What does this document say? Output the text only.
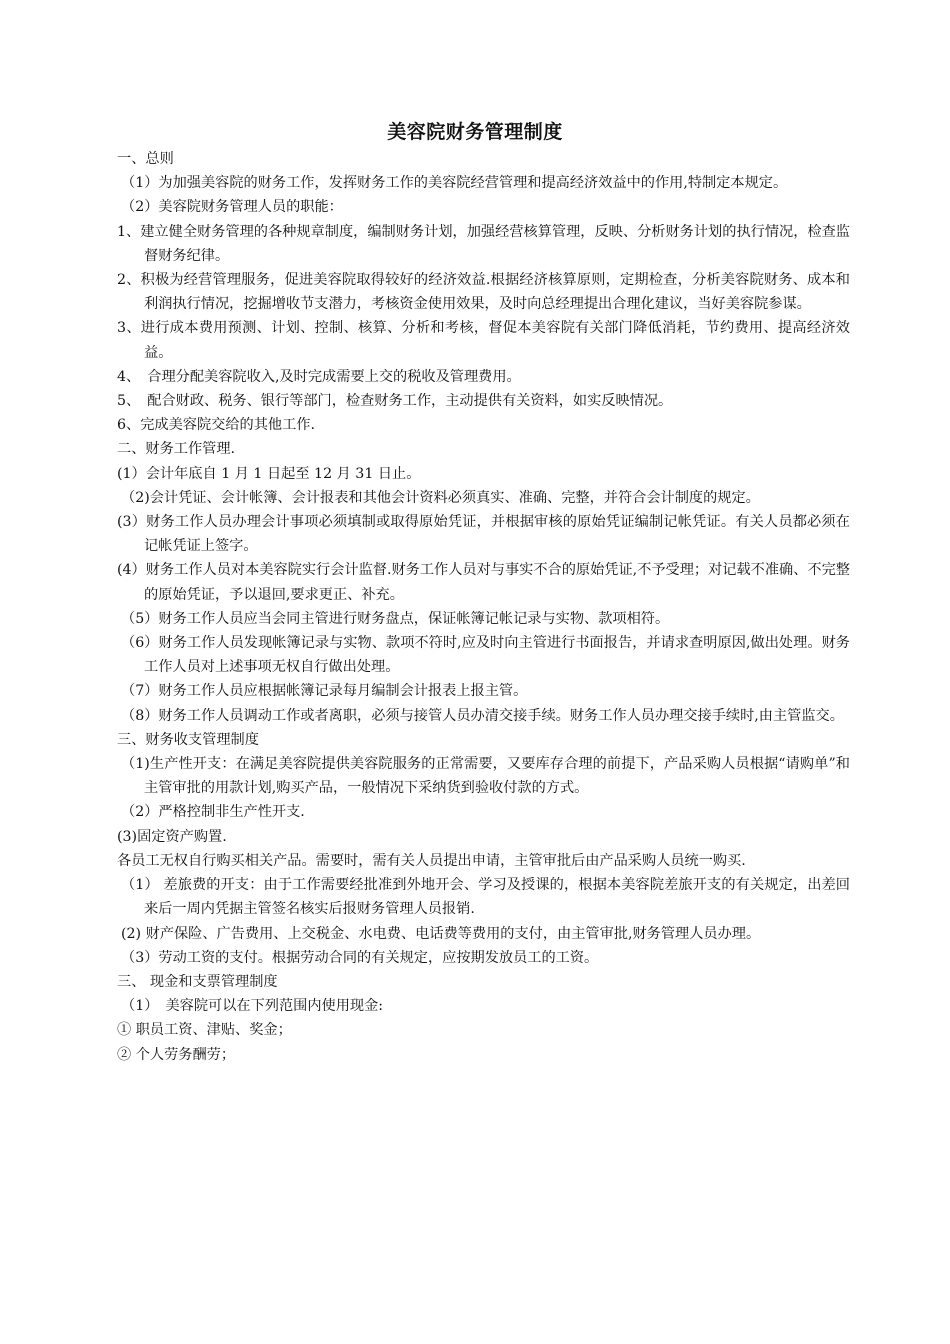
美容院财务管理制度

一、总则

（1）为加强美容院的财务工作，发挥财务工作的美容院经营管理和提高经济效益中的作用,特制定本规定。

（2）美容院财务管理人员的职能：

1、建立健全财务管理的各种规章制度，编制财务计划，加强经营核算管理，反映、分析财务计划的执行情况，检查监督财务纪律。

2、积极为经营管理服务，促进美容院取得较好的经济效益.根据经济核算原则，定期检查，分析美容院财务、成本和利润执行情况，挖掘增收节支潜力，考核资金使用效果，及时向总经理提出合理化建议，当好美容院参谋。

3、进行成本费用预测、计划、控制、核算、分析和考核，督促本美容院有关部门降低消耗，节约费用、提高经济效益。

4、　合理分配美容院收入,及时完成需要上交的税收及管理费用。

5、　配合财政、税务、银行等部门，检查财务工作，主动提供有关资料，如实反映情况。

6、完成美容院交给的其他工作.

二、财务工作管理.

(1）会计年底自 1 月 1 日起至 12 月 31 日止。

（2)会计凭证、会计帐簿、会计报表和其他会计资料必须真实、准确、完整，并符合会计制度的规定。

(3）财务工作人员办理会计事项必须填制或取得原始凭证，并根据审核的原始凭证编制记帐凭证。有关人员都必须在记帐凭证上签字。

(4）财务工作人员对本美容院实行会计监督.财务工作人员对与事实不合的原始凭证,不予受理；对记载不准确、不完整的原始凭证，予以退回,要求更正、补充。

（5）财务工作人员应当会同主管进行财务盘点，保证帐簿记帐记录与实物、款项相符。

（6）财务工作人员发现帐簿记录与实物、款项不符时,应及时向主管进行书面报告，并请求查明原因,做出处理。财务工作人员对上述事项无权自行做出处理。

（7）财务工作人员应根据帐簿记录每月编制会计报表上报主管。

（8）财务工作人员调动工作或者离职，必须与接管人员办清交接手续。财务工作人员办理交接手续时,由主管监交。

三、财务收支管理制度

（1)生产性开支：在满足美容院提供美容院服务的正常需要，又要库存合理的前提下，产品采购人员根据“请购单”和主管审批的用款计划,购买产品，一般情况下采纳货到验收付款的方式。

（2）严格控制非生产性开支.

(3)固定资产购置.

各员工无权自行购买相关产品。需要时，需有关人员提出申请，主管审批后由产品采购人员统一购买.

（1） 差旅费的开支：由于工作需要经批准到外地开会、学习及授课的，根据本美容院差旅开支的有关规定，出差回来后一周内凭据主管签名核实后报财务管理人员报销.

(2) 财产保险、广告费用、上交税金、水电费、电话费等费用的支付，由主管审批,财务管理人员办理。

（3）劳动工资的支付。根据劳动合同的有关规定，应按期发放员工的工资。

三、 现金和支票管理制度

（1）　美容院可以在下列范围内使用现金:

① 职员工资、津贴、奖金；

② 个人劳务酬劳；
